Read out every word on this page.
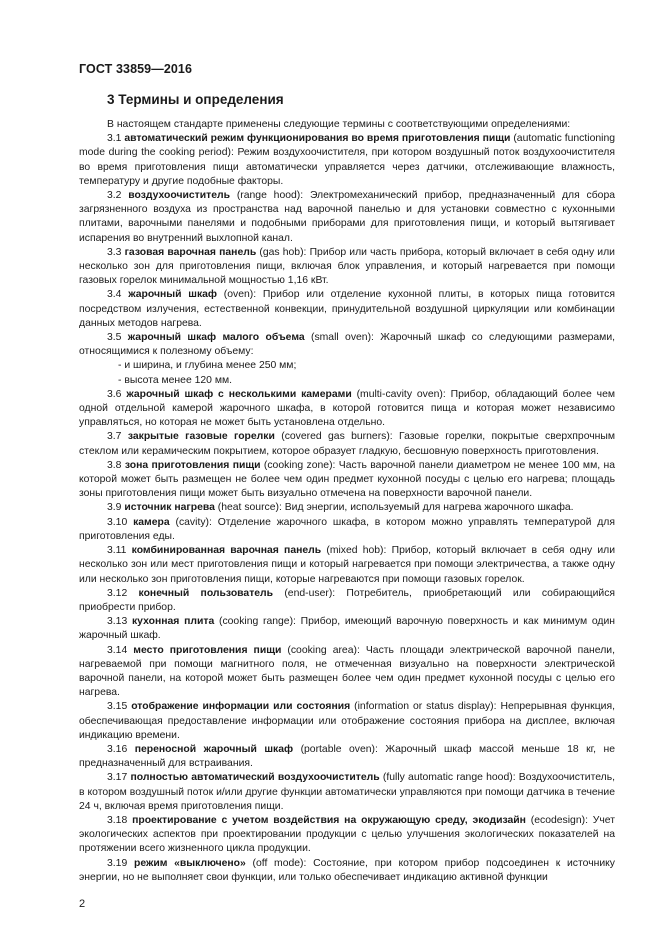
ГОСТ 33859—2016
3 Термины и определения

В настоящем стандарте применены следующие термины с соответствующими определениями:

3.1 автоматический режим функционирования во время приготовления пищи (automatic functioning mode during the cooking period): Режим воздухоочистителя, при котором воздушный поток воздухоочистителя во время приготовления пищи автоматически управляется через датчики, отслеживающие влажность, температуру и другие подобные факторы.

3.2 воздухоочиститель (range hood): Электромеханический прибор, предназначенный для сбора загрязненного воздуха из пространства над варочной панелью и для установки совместно с кухонными плитами, варочными панелями и подобными приборами для приготовления пищи, и который вытягивает испарения во внутренний выхлопной канал.

3.3 газовая варочная панель (gas hob): Прибор или часть прибора, который включает в себя одну или несколько зон для приготовления пищи, включая блок управления, и который нагревается при помощи газовых горелок минимальной мощностью 1,16 кВт.

3.4 жарочный шкаф (oven): Прибор или отделение кухонной плиты, в которых пища готовится посредством излучения, естественной конвекции, принудительной воздушной циркуляции или комбинации данных методов нагрева.

3.5 жарочный шкаф малого объема (small oven): Жарочный шкаф со следующими размерами, относящимися к полезному объему:

- и ширина, и глубина менее 250 мм;

- высота менее 120 мм.

3.6 жарочный шкаф с несколькими камерами (multi-cavity oven): Прибор, обладающий более чем одной отдельной камерой жарочного шкафа, в которой готовится пища и которая может независимо управляться, но которая не может быть установлена отдельно.

3.7 закрытые газовые горелки (covered gas burners): Газовые горелки, покрытые сверхпрочным стеклом или керамическим покрытием, которое образует гладкую, бесшовную поверхность приготовления.

3.8 зона приготовления пищи (cooking zone): Часть варочной панели диаметром не менее 100 мм, на которой может быть размещен не более чем один предмет кухонной посуды с целью его нагрева; площадь зоны приготовления пищи может быть визуально отмечена на поверхности варочной панели.

3.9 источник нагрева (heat source): Вид энергии, используемый для нагрева жарочного шкафа.

3.10 камера (cavity): Отделение жарочного шкафа, в котором можно управлять температурой для приготовления еды.

3.11 комбинированная варочная панель (mixed hob): Прибор, который включает в себя одну или несколько зон или мест приготовления пищи и который нагревается при помощи электричества, а также одну или несколько зон приготовления пищи, которые нагреваются при помощи газовых горелок.

3.12 конечный пользователь (end-user): Потребитель, приобретающий или собирающийся приобрести прибор.

3.13 кухонная плита (cooking range): Прибор, имеющий варочную поверхность и как минимум один жарочный шкаф.

3.14 место приготовления пищи (cooking area): Часть площади электрической варочной панели, нагреваемой при помощи магнитного поля, не отмеченная визуально на поверхности электрической варочной панели, на которой может быть размещен более чем один предмет кухонной посуды с целью его нагрева.

3.15 отображение информации или состояния (information or status display): Непрерывная функция, обеспечивающая предоставление информации или отображение состояния прибора на дисплее, включая индикацию времени.

3.16 переносной жарочный шкаф (portable oven): Жарочный шкаф массой меньше 18 кг, не предназначенный для встраивания.

3.17 полностью автоматический воздухоочиститель (fully automatic range hood): Воздухоочиститель, в котором воздушный поток и/или другие функции автоматически управляются при помощи датчика в течение 24 ч, включая время приготовления пищи.

3.18 проектирование с учетом воздействия на окружающую среду, экодизайн (ecodesign): Учет экологических аспектов при проектировании продукции с целью улучшения экологических показателей на протяжении всего жизненного цикла продукции.

3.19 режим «выключено» (off mode): Состояние, при котором прибор подсоединен к источнику энергии, но не выполняет свои функции, или только обеспечивает индикацию активной функции

2
